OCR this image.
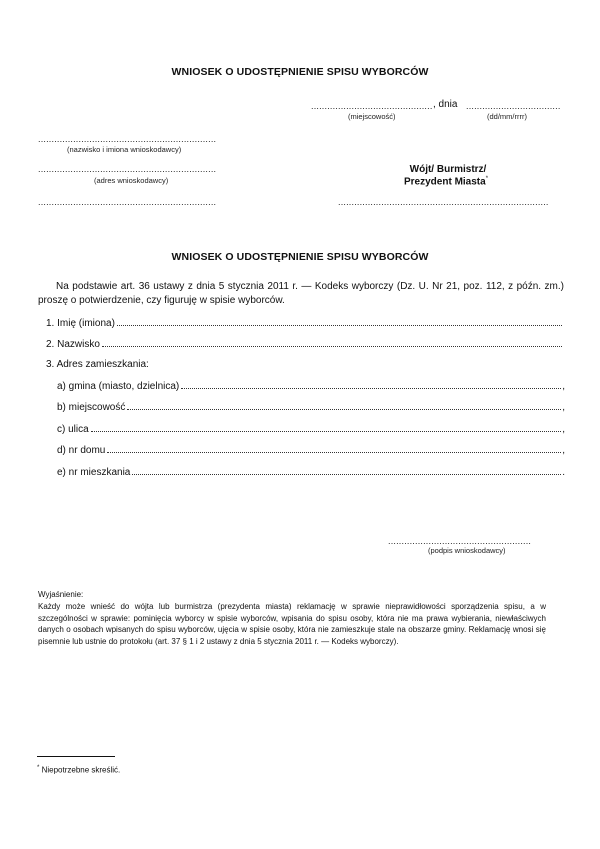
WNIOSEK O UDOSTĘPNIENIE SPISU WYBORCÓW
............................................. , dnia ...................................
(miejscowość)	(dd/mm/rrrr)
..................................................................
(nazwisko i imiona wnioskodawcy)
..................................................................
(adres wnioskodawcy)
..................................................................
Wójt/ Burmistrz/
Prezydent Miasta*
..............................................................................
WNIOSEK O UDOSTĘPNIENIE SPISU WYBORCÓW
Na podstawie art. 36 ustawy z dnia 5 stycznia 2011 r. — Kodeks wyborczy (Dz. U. Nr 21, poz. 112, z późn. zm.) proszę o potwierdzenie, czy figuruję w spisie wyborców.
1. Imię (imiona)
2. Nazwisko
3. Adres zamieszkania:
a) gmina (miasto, dzielnica)	,
b) miejscowość	,
c) ulica	,
d) nr domu	,
e) nr mieszkania	.
.....................................................
(podpis wnioskodawcy)
Wyjaśnienie:
Każdy może wnieść do wójta lub burmistrza (prezydenta miasta) reklamację w sprawie nieprawidłowości sporządzenia spisu, a w szczególności w sprawie: pominięcia wyborcy w spisie wyborców, wpisania do spisu osoby, która nie ma prawa wybierania, niewłaściwych danych o osobach wpisanych do spisu wyborców, ujęcia w spisie osoby, która nie zamieszkuje stale na obszarze gminy. Reklamację wnosi się pisemnie lub ustnie do protokołu (art. 37 § 1 i 2 ustawy z dnia 5 stycznia 2011 r. — Kodeks wyborczy).
* Niepotrzebne skreślić.
